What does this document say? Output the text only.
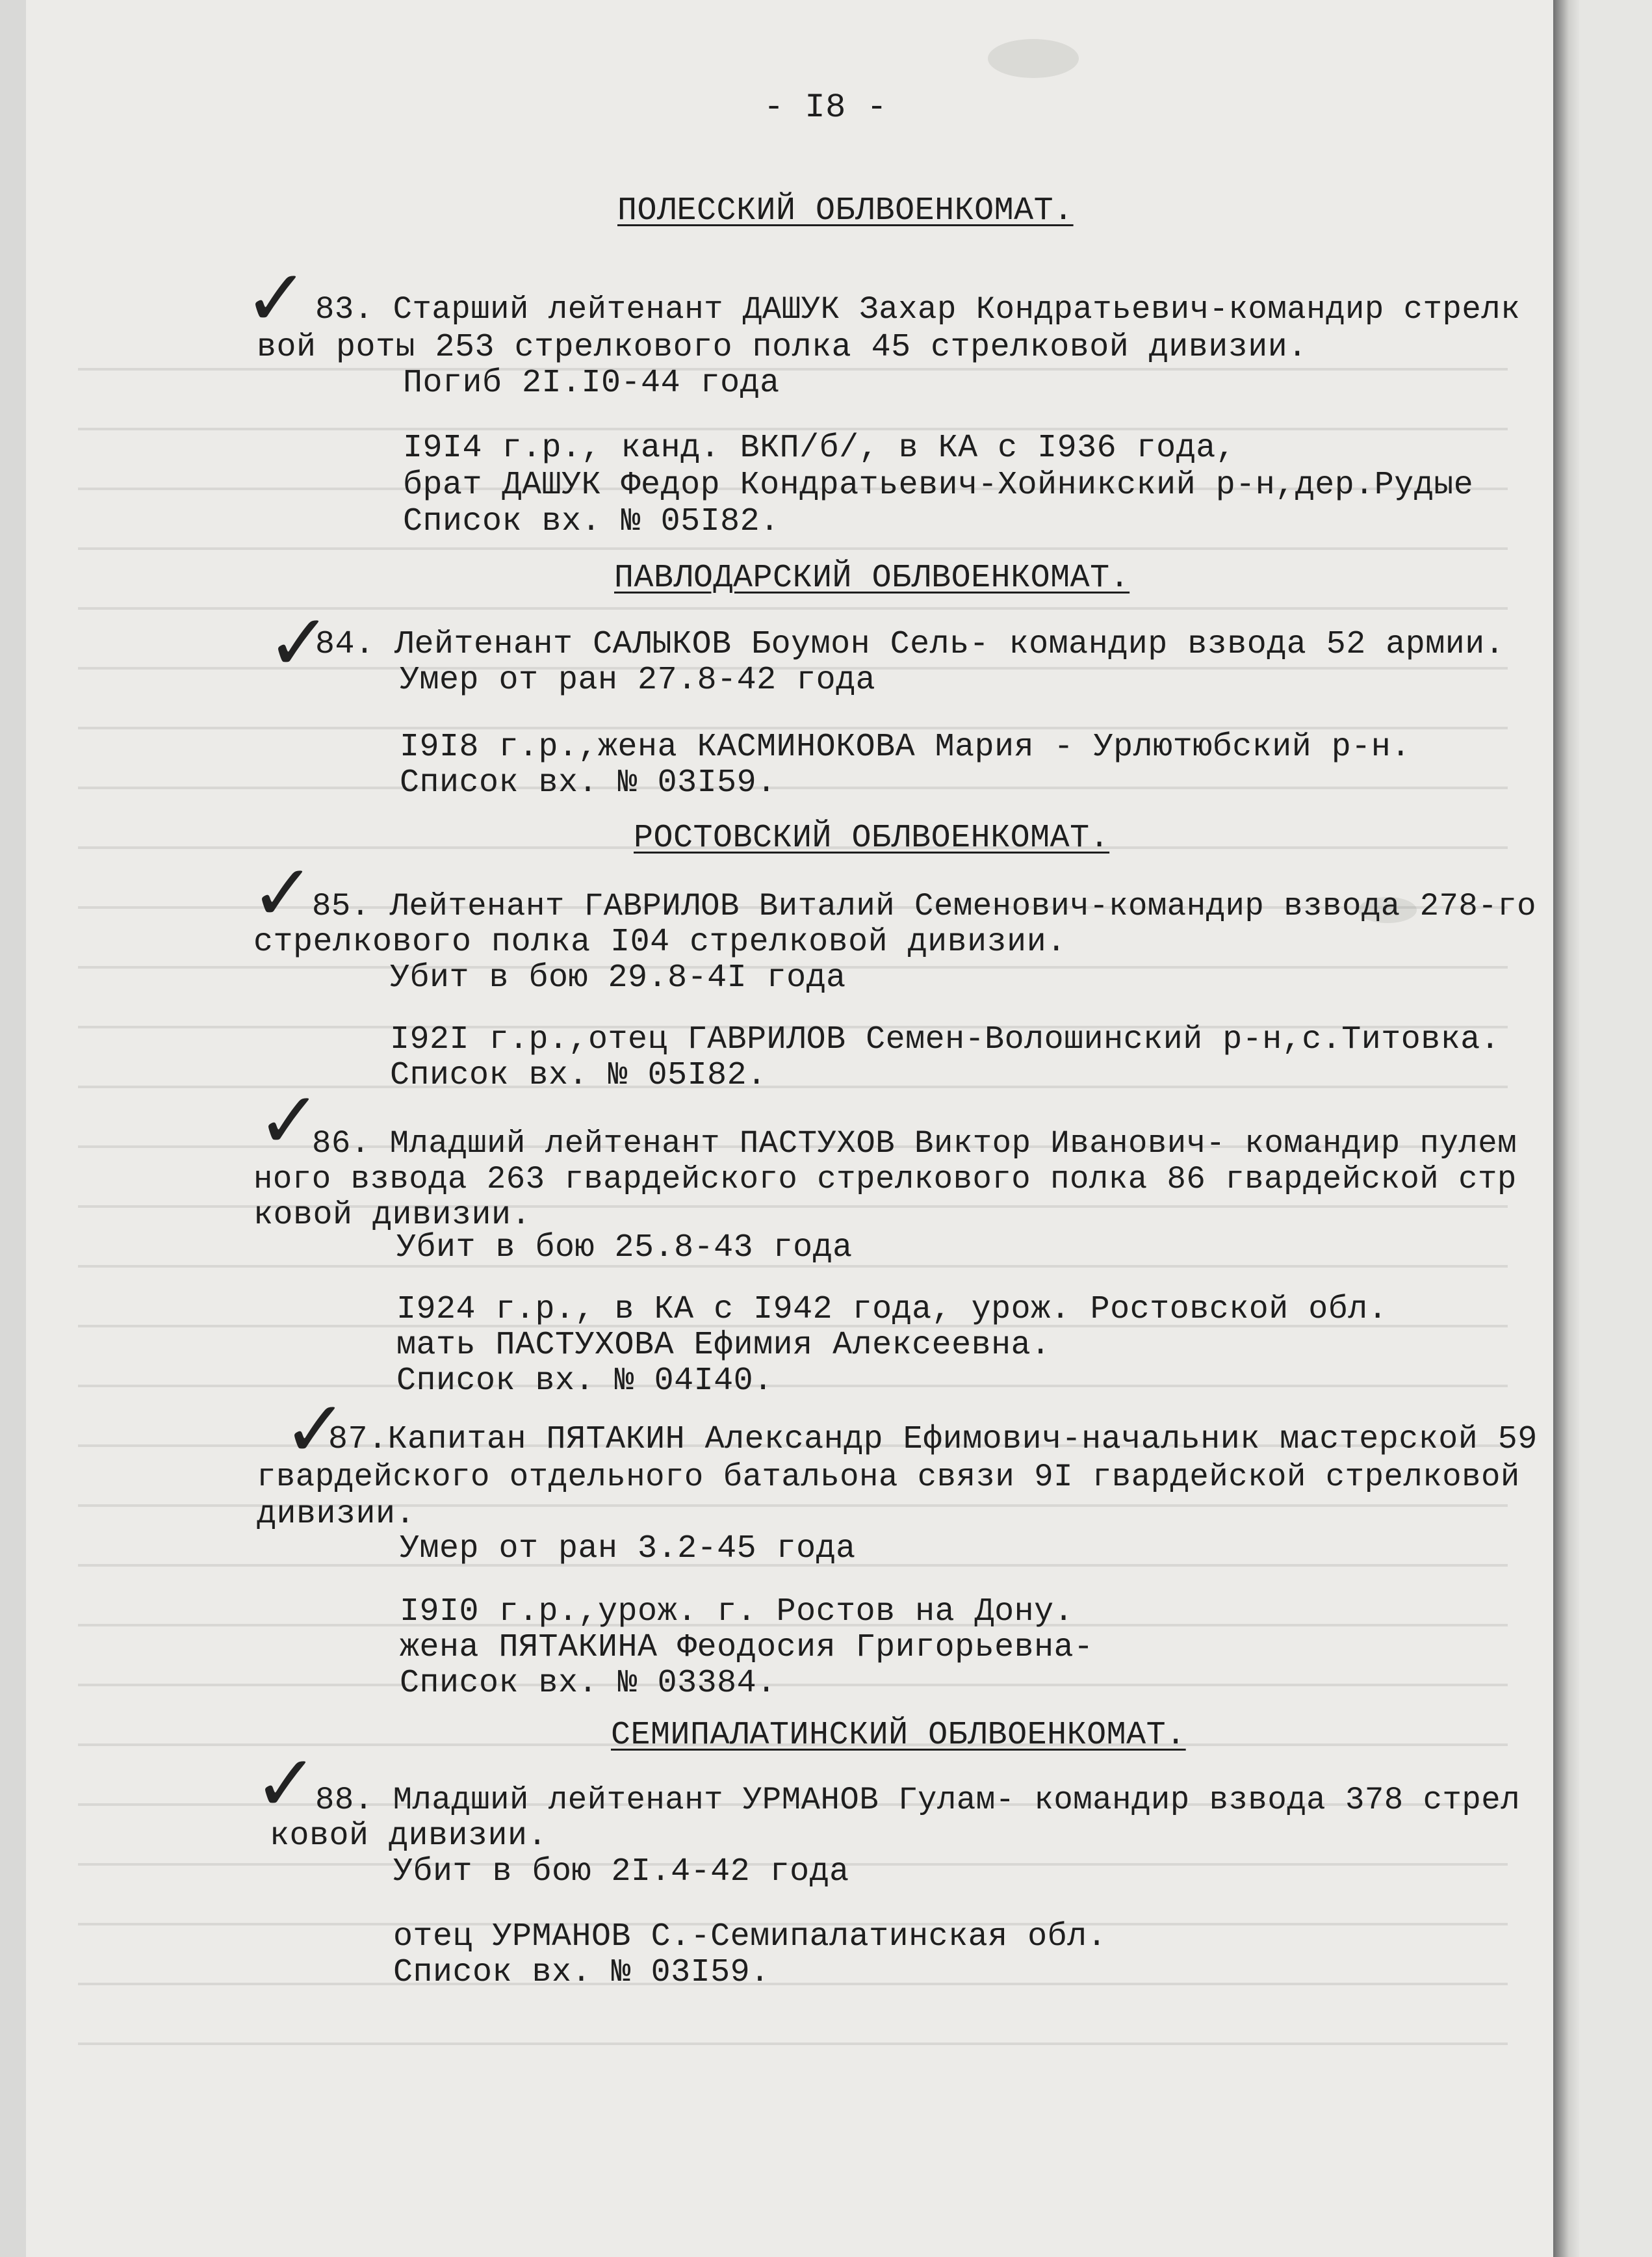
- I8 -
ПОЛЕССКИЙ ОБЛВОЕНКОМАТ.
✓ 83. Старший лейтенант ДАШУК Захар Кондратьевич-командир стрелк
вой роты 253 стрелкового полка 45 стрелковой дивизии.
Погиб 2I.I0-44 года
I9I4 г.р., канд. ВКП/б/, в КА с I936 года,
брат ДАШУК Федор Кондратьевич-Хойникский р-н,дер.Рудые
Список вх. № 05I82.
ПАВЛОДАРСКИЙ ОБЛВОЕНКОМАТ.
✓
84. Лейтенант САЛЫКОВ Боумон Сель- командир взвода 52 армии.
Умер от ран 27.8-42 года
I9I8 г.р.,жена КАСМИНОКОВА Мария - Урлютюбский р-н.
Список вх. № 03I59.
РОСТОВСКИЙ ОБЛВОЕНКОМАТ.
✓
85. Лейтенант ГАВРИЛОВ Виталий Семенович-командир взвода 278-го
стрелкового полка I04 стрелковой дивизии.
Убит в бою 29.8-4I года
I92I г.р.,отец ГАВРИЛОВ Семен-Волошинский р-н,с.Титовка.
Список вх. № 05I82.
✓
86. Младший лейтенант ПАСТУХОВ Виктор Иванович- командир пулем
ного взвода 263 гвардейского стрелкового полка 86 гвардейской стр
ковой дивизии.
Убит в бою 25.8-43 года
I924 г.р., в КА с I942 года, урож. Ростовской обл.
мать ПАСТУХОВА Ефимия Алексеевна.
Список вх. № 04I40.
✓
87.Капитан ПЯТАКИН Александр Ефимович-начальник мастерской 59
гвардейского отдельного батальона связи 9I гвардейской стрелковой
дивизии.
Умер от ран 3.2-45 года
I9I0 г.р.,урож. г. Ростов на Дону.
жена ПЯТАКИНА Феодосия Григорьевна-
Список вх. № 03384.
СЕМИПАЛАТИНСКИЙ ОБЛВОЕНКОМАТ.
✓
88. Младший лейтенант УРМАНОВ Гулам- командир взвода 378 стрел
ковой дивизии.
Убит в бою 2I.4-42 года
отец УРМАНОВ С.-Семипалатинская обл.
Список вх. № 03I59.
